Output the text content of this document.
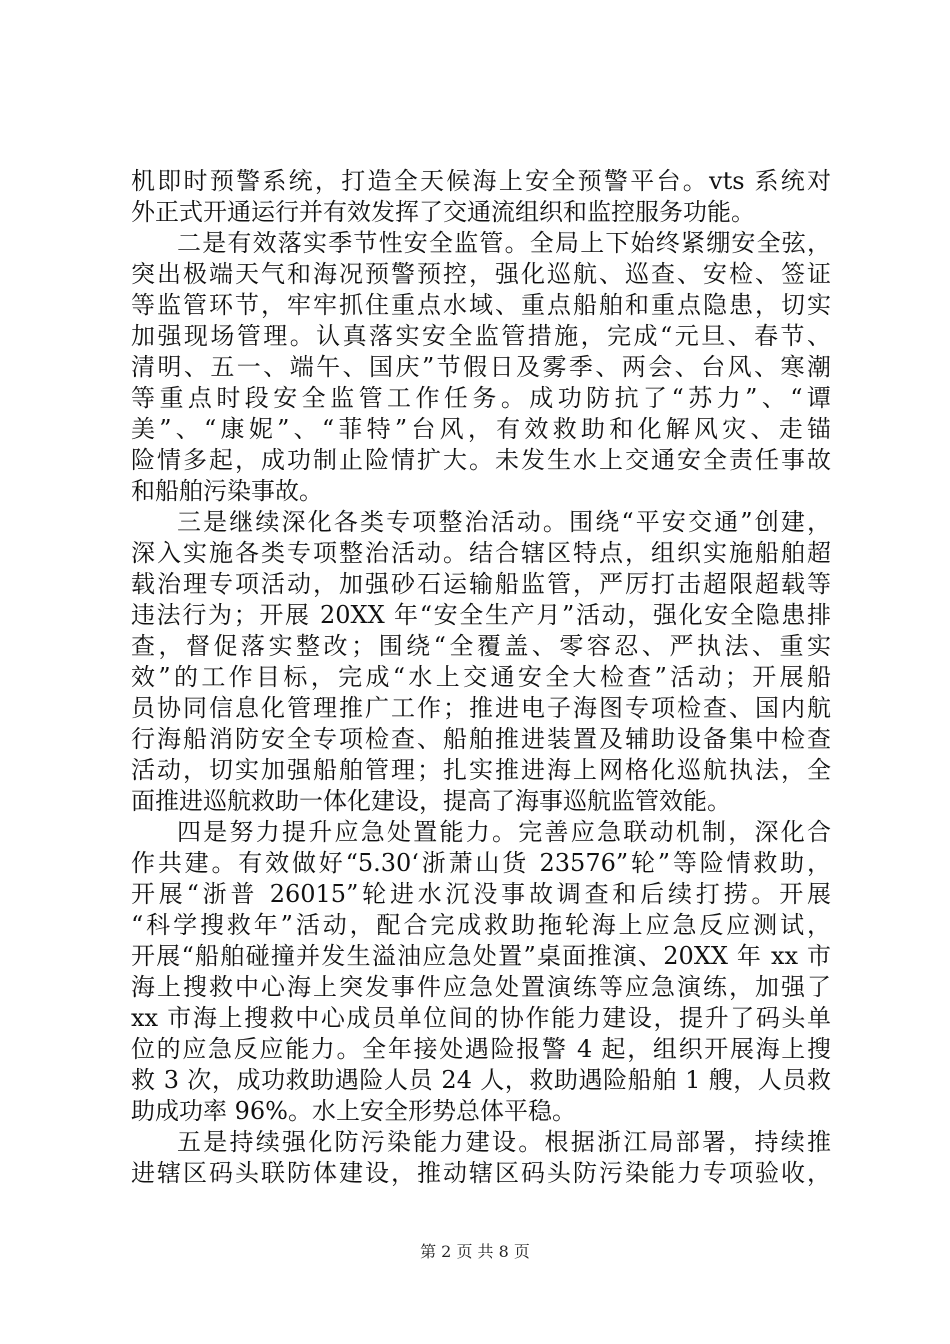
机即时预警系统，打造全天候海上安全预警平台。vts 系统对
外正式开通运行并有效发挥了交通流组织和监控服务功能。
二是有效落实季节性安全监管。全局上下始终紧绷安全弦，
突出极端天气和海况预警预控，强化巡航、巡查、安检、签证
等监管环节，牢牢抓住重点水域、重点船舶和重点隐患，切实
加强现场管理。认真落实安全监管措施，完成“元旦、春节、
清明、五一、端午、国庆”节假日及雾季、两会、台风、寒潮
等重点时段安全监管工作任务。成功防抗了“苏力”、“谭
美”、“康妮”、“菲特”台风，有效救助和化解风灾、走锚
险情多起，成功制止险情扩大。未发生水上交通安全责任事故
和船舶污染事故。
三是继续深化各类专项整治活动。围绕“平安交通”创建，
深入实施各类专项整治活动。结合辖区特点，组织实施船舶超
载治理专项活动，加强砂石运输船监管，严厉打击超限超载等
违法行为；开展 20XX 年“安全生产月”活动，强化安全隐患排
查，督促落实整改；围绕“全覆盖、零容忍、严执法、重实
效”的工作目标，完成“水上交通安全大检查”活动；开展船
员协同信息化管理推广工作；推进电子海图专项检查、国内航
行海船消防安全专项检查、船舶推进装置及辅助设备集中检查
活动，切实加强船舶管理；扎实推进海上网格化巡航执法，全
面推进巡航救助一体化建设，提高了海事巡航监管效能。
四是努力提升应急处置能力。完善应急联动机制，深化合
作共建。有效做好“5.30‘浙萧山货 23576”轮”等险情救助，
开展“浙普 26015”轮进水沉没事故调查和后续打捞。开展
“科学搜救年”活动，配合完成救助拖轮海上应急反应测试，
开展“船舶碰撞并发生溢油应急处置”桌面推演、20XX 年 xx 市
海上搜救中心海上突发事件应急处置演练等应急演练，加强了
xx 市海上搜救中心成员单位间的协作能力建设，提升了码头单
位的应急反应能力。全年接处遇险报警 4 起，组织开展海上搜
救 3 次，成功救助遇险人员 24 人，救助遇险船舶 1 艘，人员救
助成功率 96%。水上安全形势总体平稳。
五是持续强化防污染能力建设。根据浙江局部署，持续推
进辖区码头联防体建设，推动辖区码头防污染能力专项验收，
第 2 页 共 8 页
